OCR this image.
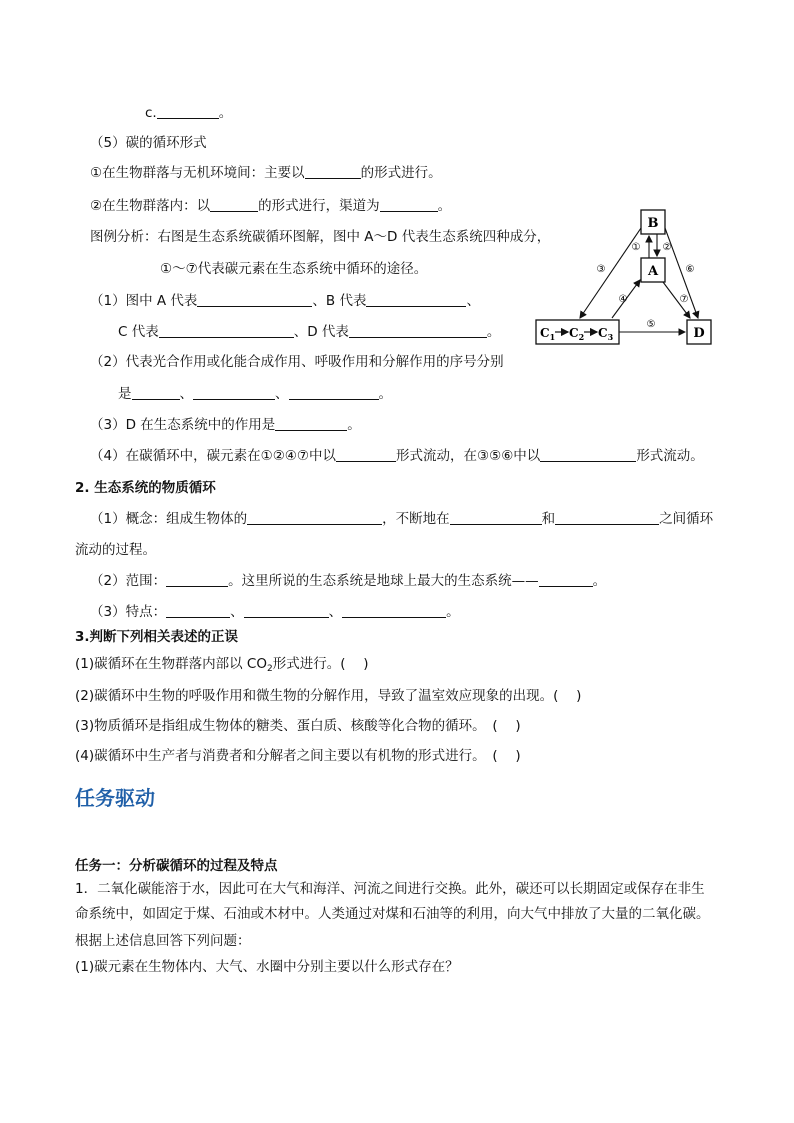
c.	。
（5）碳的循环形式
①在生物群落与无机环境间：主要以	的形式进行。
②在生物群落内：以	的形式进行，渠道为	。
图例分析：右图是生态系统碳循环图解，图中 A～D 代表生态系统四种成分，
①～⑦代表碳元素在生态系统中循环的途径。
（1）图中 A 代表	、B 代表	、
C 代表	、D 代表	。
（2）代表光合作用或化能合成作用、呼吸作用和分解作用的序号分别
是	、	、	。
（3）D 在生态系统中的作用是	。
（4）在碳循环中，碳元素在①②④⑦中以	形式流动，在③⑤⑥中以	形式流动。
2. 生态系统的物质循环
（1）概念：组成生物体的	，不断地在	和	之间循环
流动的过程。
（2）范围：	。这里所说的生态系统是地球上最大的生态系统——	。
（3）特点：	、	、	。
3.判断下列相关表述的正误
(1)碳循环在生物群落内部以 $CO_2$形式进行。(　 )
(2)碳循环中生物的呼吸作用和微生物的分解作用，导致了温室效应现象的出现。(　 )
(3)物质循环是指组成生物体的糖类、蛋白质、核酸等化合物的循环。　(　 )
(4)碳循环中生产者与消费者和分解者之间主要以有机物的形式进行。　(　 )
任务驱动
任务一：分析碳循环的过程及特点
1．二氧化碳能溶于水，因此可在大气和海洋、河流之间进行交换。此外，碳还可以长期固定或保存在非生
命系统中，如固定于煤、石油或木材中。人类通过对煤和石油等的利用，向大气中排放了大量的二氧化碳。
根据上述信息回答下列问题：
(1)碳元素在生物体内、大气、水圈中分别主要以什么形式存在？
B
A
D
$C_1$ $C_2$ $C_3$
① ②
③
④
⑥
⑦
⑤
